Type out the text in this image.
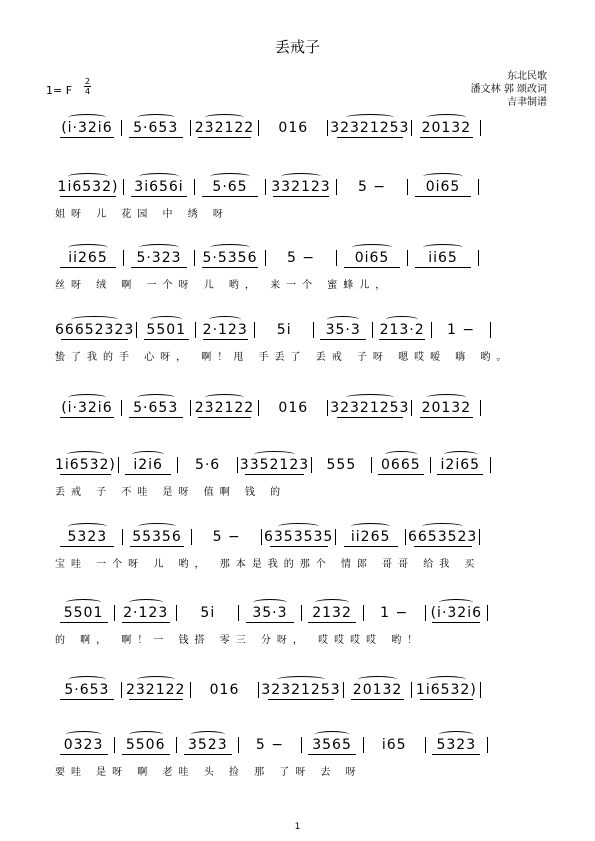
丢戒子
东北民歌
潘文林 郭 颂改词
吉聿制谱
1= F
2
4
(i·32i6	5·653	232122	016	32321253 20132
1i6532)	3i656i	5·65	332123	5 −	0i65
姐呀 儿 花园 中 绣 呀
ii265	5·323	5·5356	5 −	0i65	ii65
丝呀 绒 啊 一个呀 儿 哟， 来一个 蜜蜂儿，
66652323 5501	2·123	5i	35·3	213·2	1 −
蛰了我的手 心呀， 啊！甩 手丢了 丢戒 子呀 嗯哎嗳 嗨 哟。
(i·32i6	5·653	232122	016	32321253 20132
1i6532)	i2i6	5·6	3352123	555	0665	i2i65
丢戒 子 不哇 是呀 值啊 钱 的
5323	55356	5 −	6353535	ii265	6653523
宝哇 一个呀 儿 哟， 那本是我的那个 情郎 哥哥 给我 买
5501	2·123	5i	35·3	2132	1 −	(i·32i6
的 啊， 啊！一 钱搭 零三 分呀， 哎哎哎哎 哟！
5·653	232122	016	32321253 20132 1i6532)
0323	5506	3523	5 −	3565	i65	5323
要哇 是呀 啊 老哇 头 捡 那 了呀 去 呀
1
